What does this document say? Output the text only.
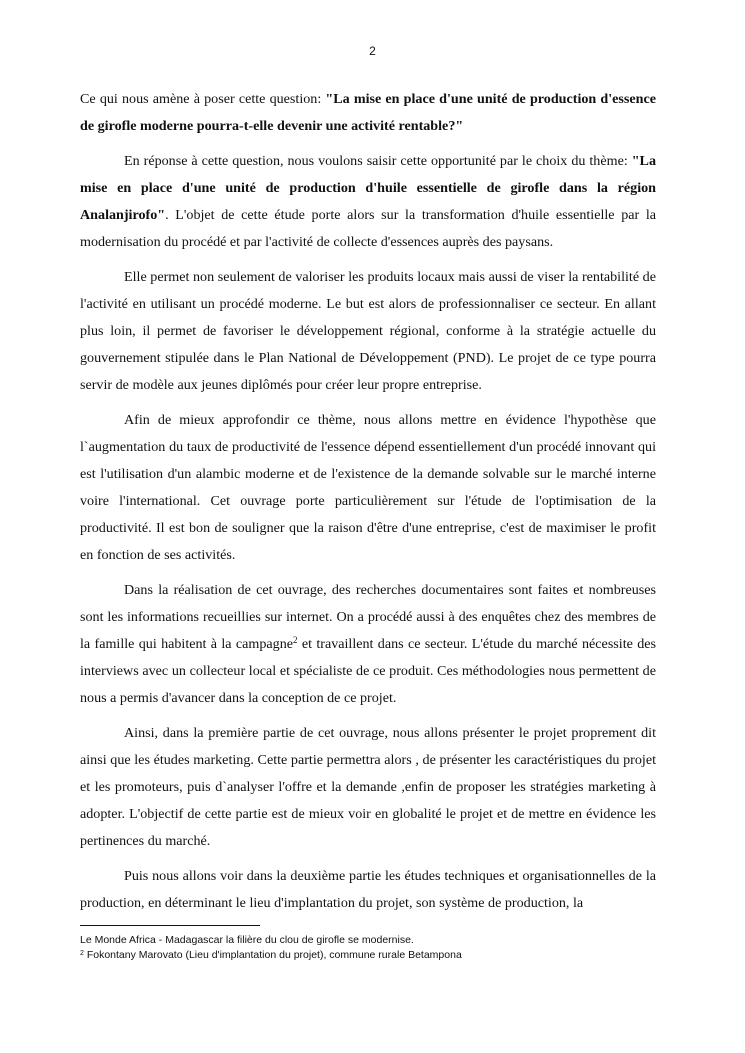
2

Ce qui nous amène à poser cette question: "La mise en place d'une unité de production d'essence de girofle moderne pourra-t-elle devenir une activité rentable?"

En réponse à cette question, nous voulons saisir cette opportunité par le choix du thème: "La mise en place d'une unité de production d'huile essentielle de girofle dans la région Analanjirofo". L'objet de cette étude porte alors sur la transformation d'huile essentielle par la modernisation du procédé et par l'activité de collecte d'essences auprès des paysans.

Elle permet non seulement de valoriser les produits locaux mais aussi de viser la rentabilité de l'activité en utilisant un procédé moderne. Le but est alors de professionnaliser ce secteur. En allant plus loin, il permet de favoriser le développement régional, conforme à la stratégie actuelle du gouvernement stipulée dans le Plan National de Développement (PND). Le projet de ce type pourra servir de modèle aux jeunes diplômés pour créer leur propre entreprise.

Afin de mieux approfondir ce thème, nous allons mettre en évidence l'hypothèse que l`augmentation du taux de productivité de l'essence dépend essentiellement d'un procédé innovant qui est l'utilisation d'un alambic moderne et de l'existence de la demande solvable sur le marché interne voire l'international. Cet ouvrage porte particulièrement sur l'étude de l'optimisation de la productivité. Il est bon de souligner que la raison d'être d'une entreprise, c'est de maximiser le profit en fonction de ses activités.

Dans la réalisation de cet ouvrage, des recherches documentaires sont faites et nombreuses sont les informations recueillies sur internet. On a procédé aussi à des enquêtes chez des membres de la famille qui habitent à la campagne$^2$ et travaillent dans ce secteur. L'étude du marché nécessite des interviews avec un collecteur local et spécialiste de ce produit. Ces méthodologies nous permettent de nous a permis d'avancer dans la conception de ce projet.

Ainsi, dans la première partie de cet ouvrage, nous allons présenter le projet proprement dit ainsi que les études marketing. Cette partie permettra alors , de présenter les caractéristiques du projet et les promoteurs, puis d`analyser l'offre et la demande ,enfin de proposer les stratégies marketing à adopter. L'objectif de cette partie est de mieux voir en globalité le projet et de mettre en évidence les pertinences du marché.

Puis nous allons voir dans la deuxième partie les études techniques et organisationnelles de la production, en déterminant le lieu d'implantation du projet, son système de production, la

Le Monde Africa - Madagascar la filière du clou de girofle se modernise.
$^2$ Fokontany Marovato (Lieu d'implantation du projet), commune rurale Betampona
